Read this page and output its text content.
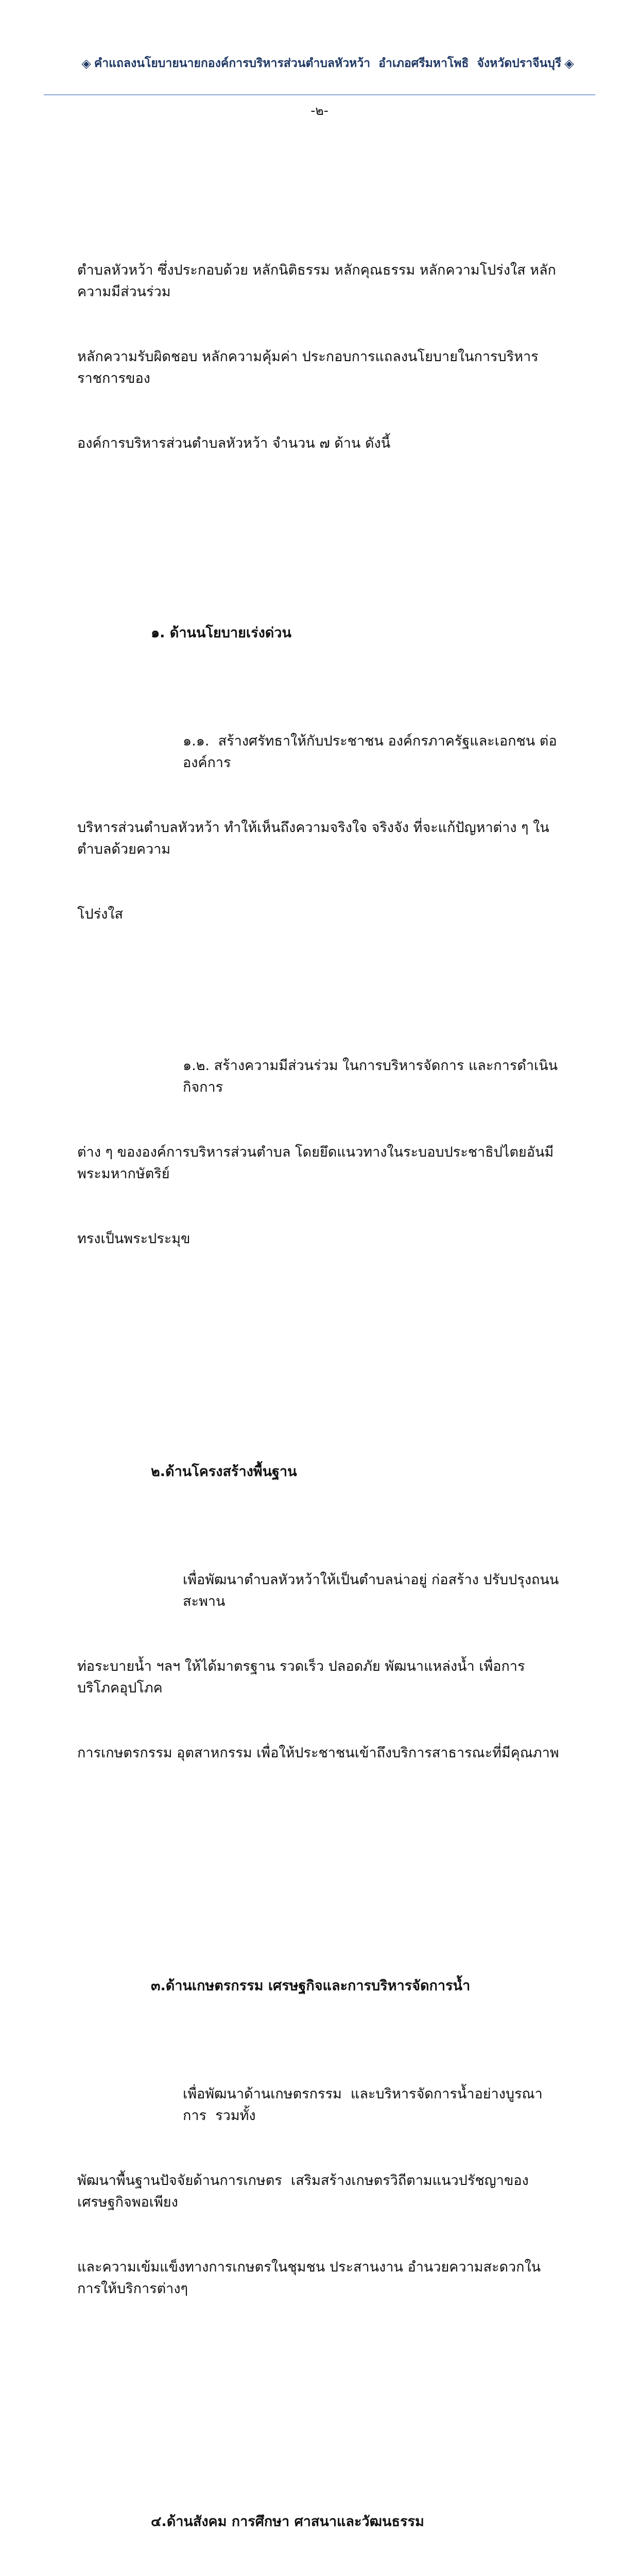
◈ คำแถลงนโยบายนายกองค์การบริหารส่วนตำบลหัวหว้า  อำเภอศรีมหาโพธิ  จังหวัดปราจีนบุรี ◈

-๒-

ตำบลหัวหว้า ซึ่งประกอบด้วย หลักนิติธรรม หลักคุณธรรม หลักความโปร่งใส หลักความมีส่วนร่วม

หลักความรับผิดชอบ หลักความคุ้มค่า ประกอบการแถลงนโยบายในการบริหารราชการของ

องค์การบริหารส่วนตำบลหัวหว้า จำนวน ๗ ด้าน ดังนี้

๑. ด้านนโยบายเร่งด่วน

๑.๑.  สร้างศรัทธาให้กับประชาชน องค์กรภาครัฐและเอกชน ต่อองค์การ

บริหารส่วนตำบลหัวหว้า ทำให้เห็นถึงความจริงใจ จริงจัง ที่จะแก้ปัญหาต่าง ๆ ในตำบลด้วยความ

โปร่งใส

๑.๒. สร้างความมีส่วนร่วม ในการบริหารจัดการ และการดำเนินกิจการ

ต่าง ๆ ขององค์การบริหารส่วนตำบล โดยยึดแนวทางในระบอบประชาธิปไตยอันมีพระมหากษัตริย์

ทรงเป็นพระประมุข

๒.ด้านโครงสร้างพื้นฐาน

เพื่อพัฒนาตำบลหัวหว้าให้เป็นตำบลน่าอยู่ ก่อสร้าง ปรับปรุงถนน สะพาน

ท่อระบายน้ำ ฯลฯ ให้ได้มาตรฐาน รวดเร็ว ปลอดภัย พัฒนาแหล่งน้ำ เพื่อการบริโภคอุปโภค

การเกษตรกรรม อุตสาหกรรม เพื่อให้ประชาชนเข้าถึงบริการสาธารณะที่มีคุณภาพ

๓.ด้านเกษตรกรรม เศรษฐกิจและการบริหารจัดการน้ำ

เพื่อพัฒนาด้านเกษตรกรรม  และบริหารจัดการน้ำอย่างบูรณาการ  รวมทั้ง

พัฒนาพื้นฐานปัจจัยด้านการเกษตร  เสริมสร้างเกษตรวิถีตามแนวปรัชญาของเศรษฐกิจพอเพียง

และความเข้มแข็งทางการเกษตรในชุมชน ประสานงาน อำนวยความสะดวกในการให้บริการต่างๆ

๔.ด้านสังคม การศึกษา ศาสนาและวัฒนธรรม
